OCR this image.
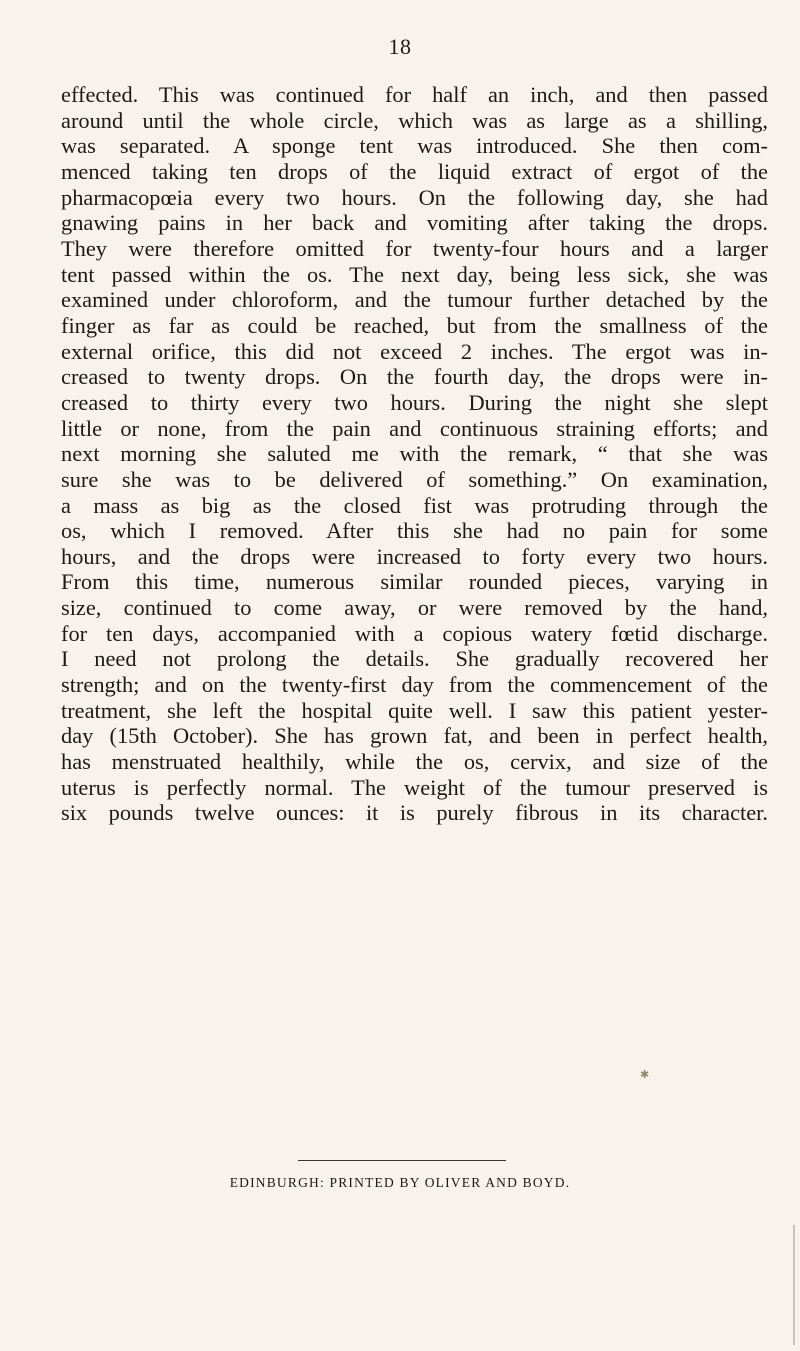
18
effected. This was continued for half an inch, and then passed
around until the whole circle, which was as large as a shilling,
was separated. A sponge tent was introduced. She then com-
menced taking ten drops of the liquid extract of ergot of the
pharmacopœia every two hours. On the following day, she had
gnawing pains in her back and vomiting after taking the drops.
They were therefore omitted for twenty-four hours and a larger
tent passed within the os. The next day, being less sick, she was
examined under chloroform, and the tumour further detached by the
finger as far as could be reached, but from the smallness of the
external orifice, this did not exceed 2 inches. The ergot was in-
creased to twenty drops. On the fourth day, the drops were in-
creased to thirty every two hours. During the night she slept
little or none, from the pain and continuous straining efforts; and
next morning she saluted me with the remark, “ that she was
sure she was to be delivered of something.” On examination,
a mass as big as the closed fist was protruding through the
os, which I removed. After this she had no pain for some
hours, and the drops were increased to forty every two hours.
From this time, numerous similar rounded pieces, varying in
size, continued to come away, or were removed by the hand,
for ten days, accompanied with a copious watery fœtid discharge.
I need not prolong the details. She gradually recovered her
strength; and on the twenty-first day from the commencement of the
treatment, she left the hospital quite well. I saw this patient yester-
day (15th October). She has grown fat, and been in perfect health,
has menstruated healthily, while the os, cervix, and size of the
uterus is perfectly normal. The weight of the tumour preserved is
six pounds twelve ounces: it is purely fibrous in its character.
✱
EDINBURGH: PRINTED BY OLIVER AND BOYD.
